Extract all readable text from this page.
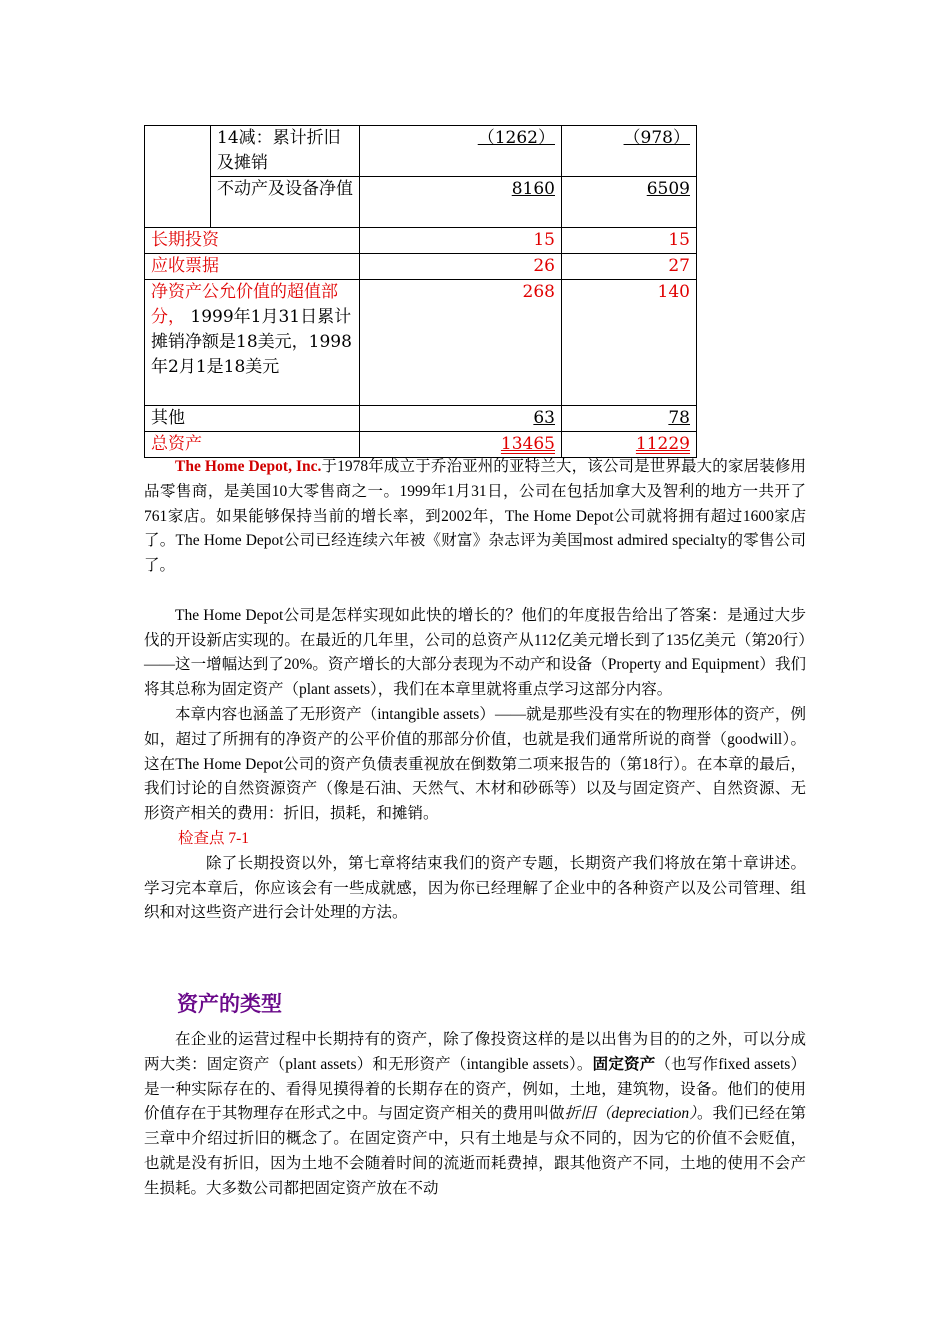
	14减：累计折旧及摊销	（1262）	（978）
	不动产及设备净值	8160	6509
长期投资		15	15
应收票据		26	27
净资产公允价值的超值部分， 1999年1月31日累计摊销净额是18美元，1998年2月1是18美元		268	140
其他		63	78
总资产		13465	11229

The Home Depot, Inc.于1978年成立于乔治亚州的亚特兰大，该公司是世界最大的家居装修用品零售商，是美国10大零售商之一。1999年1月31日，公司在包括加拿大及智利的地方一共开了761家店。如果能够保持当前的增长率，到2002年，The Home Depot公司就将拥有超过1600家店了。The Home Depot公司已经连续六年被《财富》杂志评为美国most admired specialty的零售公司了。

The Home Depot公司是怎样实现如此快的增长的？他们的年度报告给出了答案：是通过大步伐的开设新店实现的。在最近的几年里，公司的总资产从112亿美元增长到了135亿美元（第20行）——这一增幅达到了20%。资产增长的大部分表现为不动产和设备（Property and Equipment）我们将其总称为固定资产（plant assets），我们在本章里就将重点学习这部分内容。

本章内容也涵盖了无形资产（intangible assets）——就是那些没有实在的物理形体的资产，例如，超过了所拥有的净资产的公平价值的那部分价值，也就是我们通常所说的商誉（goodwill）。这在The Home Depot公司的资产负债表重视放在倒数第二项来报告的（第18行）。在本章的最后，我们讨论的自然资源资产（像是石油、天然气、木材和砂砾等）以及与固定资产、自然资源、无形资产相关的费用：折旧，损耗，和摊销。

检查点 7-1

除了长期投资以外，第七章将结束我们的资产专题，长期资产我们将放在第十章讲述。学习完本章后，你应该会有一些成就感，因为你已经理解了企业中的各种资产以及公司管理、组织和对这些资产进行会计处理的方法。

资产的类型

在企业的运营过程中长期持有的资产，除了像投资这样的是以出售为目的的之外，可以分成两大类：固定资产（plant assets）和无形资产（intangible assets）。固定资产（也写作fixed assets）是一种实际存在的、看得见摸得着的长期存在的资产，例如，土地，建筑物，设备。他们的使用价值存在于其物理存在形式之中。与固定资产相关的费用叫做折旧（depreciation）。我们已经在第三章中介绍过折旧的概念了。在固定资产中，只有土地是与众不同的，因为它的价值不会贬值，也就是没有折旧，因为土地不会随着时间的流逝而耗费掉，跟其他资产不同，土地的使用不会产生损耗。大多数公司都把固定资产放在不动
